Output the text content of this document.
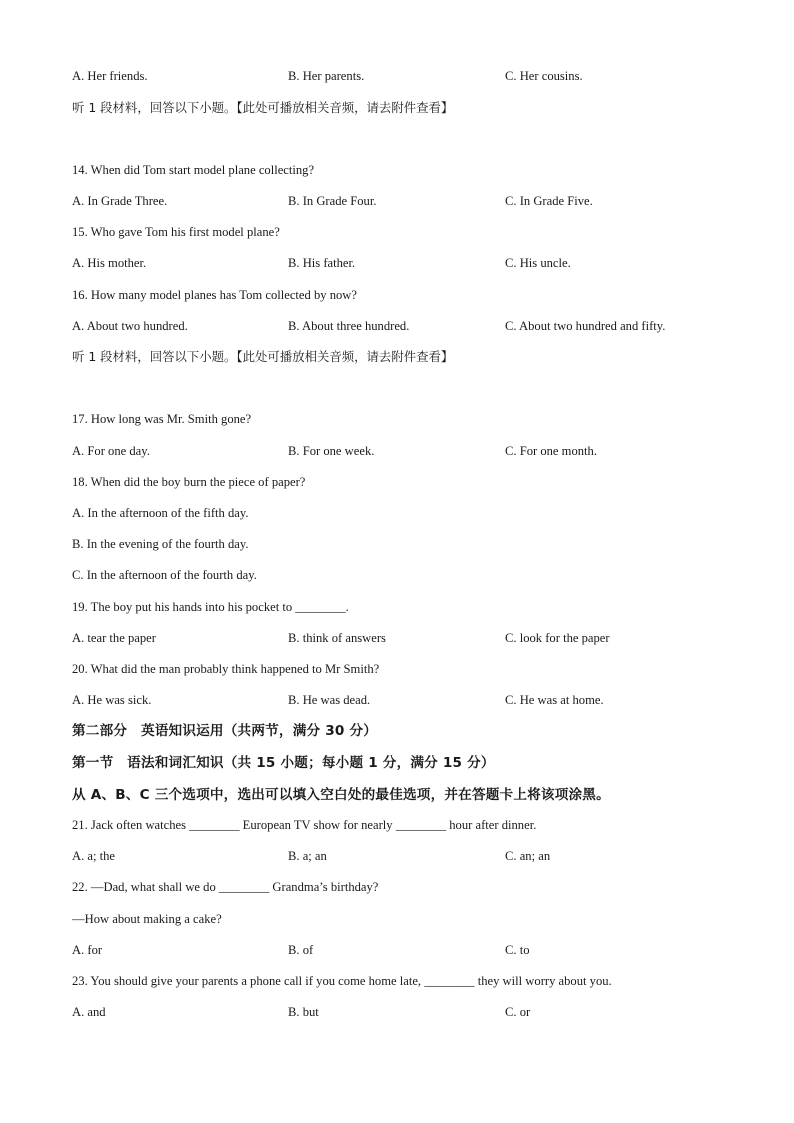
A. Her friends.	B. Her parents.	C. Her cousins.
听 1 段材料，回答以下小题。【此处可播放相关音频，请去附件查看】
14. When did Tom start model plane collecting?
A. In Grade Three.	B. In Grade Four.	C. In Grade Five.
15. Who gave Tom his first model plane?
A. His mother.	B. His father.	C. His uncle.
16. How many model planes has Tom collected by now?
A. About two hundred.	B. About three hundred.	C. About two hundred and fifty.
听 1 段材料，回答以下小题。【此处可播放相关音频，请去附件查看】
17. How long was Mr. Smith gone?
A. For one day.	B. For one week.	C. For one month.
18. When did the boy burn the piece of paper?
A. In the afternoon of the fifth day.
B. In the evening of the fourth day.
C. In the afternoon of the fourth day.
19. The boy put his hands into his pocket to ________.
A. tear the paper	B. think of answers	C. look for the paper
20. What did the man probably think happened to Mr Smith?
A. He was sick.	B. He was dead.	C. He was at home.
第二部分　英语知识运用（共两节，满分 30 分）
第一节　语法和词汇知识（共 15 小题；每小题 1 分，满分 15 分）
从 A、B、C 三个选项中，选出可以填入空白处的最佳选项，并在答题卡上将该项涂黑。
21. Jack often watches ________ European TV show for nearly ________ hour after dinner.
A. a; the	B. a; an	C. an; an
22. —Dad, what shall we do ________ Grandma’s birthday?
—How about making a cake?
A. for	B. of	C. to
23. You should give your parents a phone call if you come home late, ________ they will worry about you.
A. and	B. but	C. or
